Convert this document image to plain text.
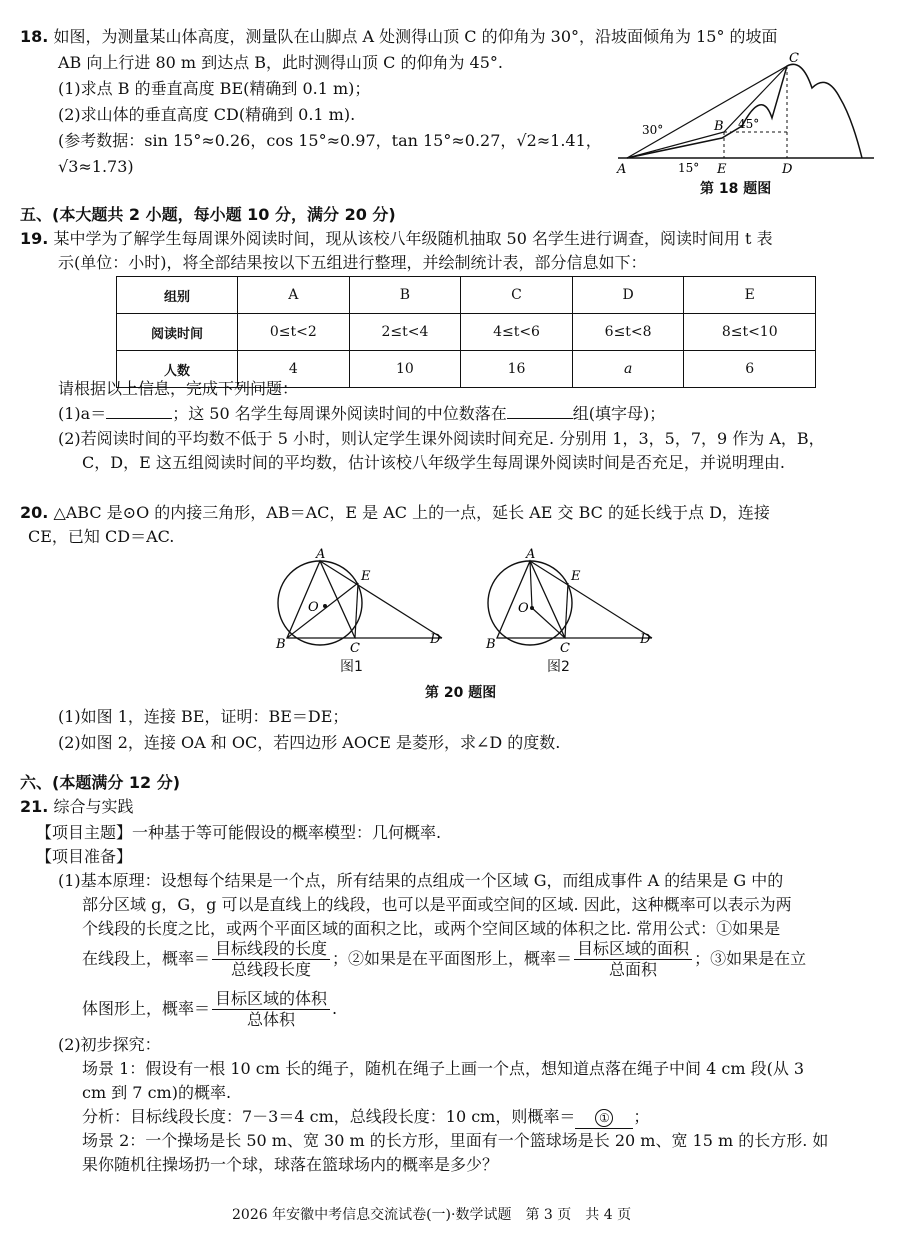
18. 如图，为测量某山体高度，测量队在山脚点 A 处测得山顶 C 的仰角为 30°，沿坡面倾角为 15° 的坡面
AB 向上行进 80 m 到达点 B，此时测得山顶 C 的仰角为 45°.
(1)求点 B 的垂直高度 BE(精确到 0.1 m)；
(2)求山体的垂直高度 CD(精确到 0.1 m).
(参考数据：sin 15°≈0.26，cos 15°≈0.97，tan 15°≈0.27，√2≈1.41，
√3≈1.73)	A
B
C
D
E
30°
15°
45°
第 18 题图
五、(本大题共 2 小题，每小题 10 分，满分 20 分)
19. 某中学为了解学生每周课外阅读时间，现从该校八年级随机抽取 50 名学生进行调查，阅读时间用 t 表
示(单位：小时)，将全部结果按以下五组进行整理，并绘制统计表，部分信息如下：
组别	A	B	C	D	E
阅读时间	0≤t<2	2≤t<4	4≤t<6	6≤t<8	8≤t<10
人数	4	10	16	a	6
请根据以上信息，完成下列问题：
(1)a＝	；这 50 名学生每周课外阅读时间的中位数落在	组(填字母)；
(2)若阅读时间的平均数不低于 5 小时，则认定学生课外阅读时间充足. 分别用 1，3，5，7，9 作为 A，B，
C，D，E 这五组阅读时间的平均数，估计该校八年级学生每周课外阅读时间是否充足，并说明理由.
20. △ABC 是⊙O 的内接三角形，AB＝AC，E 是 AC 上的一点，延长 AE 交 BC 的延长线于点 D，连接
CE，已知 CD＝AC.
A
B	C
D
E
O
图1
A
B	C
D
E
O
图2
第 20 题图
(1)如图 1，连接 BE，证明：BE＝DE；
(2)如图 2，连接 OA 和 OC，若四边形 AOCE 是菱形，求∠D 的度数.
六、(本题满分 12 分)
21. 综合与实践
【项目主题】一种基于等可能假设的概率模型：几何概率.
【项目准备】
(1)基本原理：设想每个结果是一个点，所有结果的点组成一个区域 G，而组成事件 A 的结果是 G 中的
部分区域 g，G，g 可以是直线上的线段，也可以是平面或空间的区域. 因此，这种概率可以表示为两
个线段的长度之比，或两个平面区域的面积之比，或两个空间区域的体积之比. 常用公式：①如果是
在线段上，概率＝ $\frac{\text{目标线段的长度}}{\text{总线段长度}}$ ；②如果是在平面图形上，概率＝ $\frac{\text{目标区域的面积}}{\text{总面积}}$ ；③如果是在立
体图形上，概率＝ $\frac{\text{目标区域的体积}}{\text{总体积}}$ .
(2)初步探究：
场景 1：假设有一根 10 cm 长的绳子，随机在绳子上画一个点，想知道点落在绳子中间 4 cm 段(从 3
cm 到 7 cm)的概率.
分析：目标线段长度：7－3＝4 cm，总线段长度：10 cm，则概率＝ ① ；
场景 2：一个操场是长 50 m、宽 30 m 的长方形，里面有一个篮球场是长 20 m、宽 15 m 的长方形. 如
果你随机往操场扔一个球，球落在篮球场内的概率是多少？
2026 年安徽中考信息交流试卷(一)·数学试题　第 3 页　共 4 页
